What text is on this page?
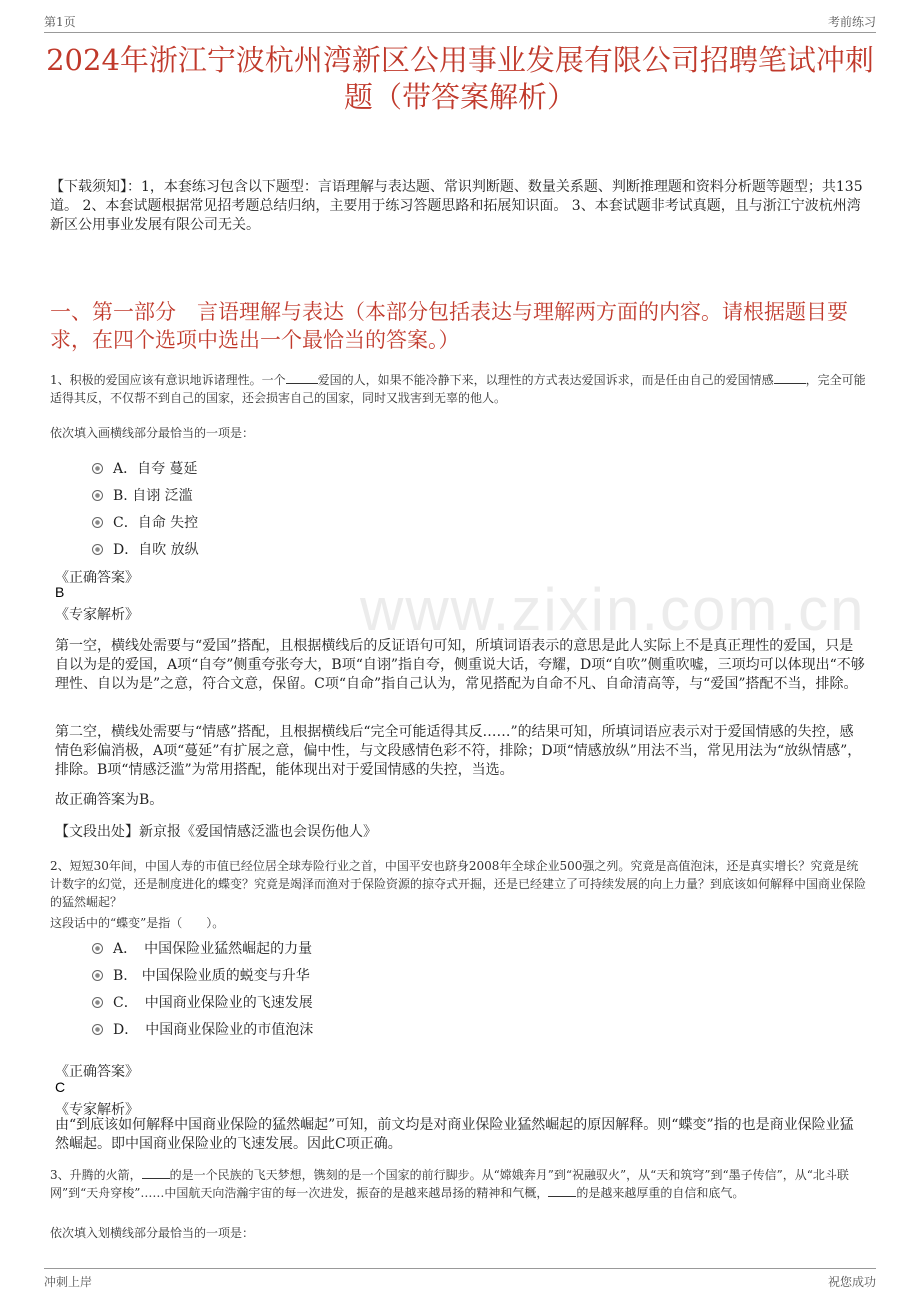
第1页	考前练习
2024年浙江宁波杭州湾新区公用事业发展有限公司招聘笔试冲刺题（带答案解析）
【下载须知】：1，本套练习包含以下题型：言语理解与表达题、常识判断题、数量关系题、判断推理题和资料分析题等题型；共135道。 2、本套试题根据常见招考题总结归纳，主要用于练习答题思路和拓展知识面。 3、本套试题非考试真题，且与浙江宁波杭州湾新区公用事业发展有限公司无关。
一、第一部分　言语理解与表达（本部分包括表达与理解两方面的内容。请根据题目要求，在四个选项中选出一个最恰当的答案。）
www.zixin.com.cn
1、积极的爱国应该有意识地诉诸理性。一个	爱国的人，如果不能冷静下来，以理性的方式表达爱国诉求，而是任由自己的爱国情感	，完全可能适得其反，不仅帮不到自己的国家，还会损害自己的国家，同时又戕害到无辜的他人。
依次填入画横线部分最恰当的一项是：
A．自夸 蔓延
B. 自诩 泛滥
C．自命 失控
D．自吹 放纵
《正确答案》
B
《专家解析》
第一空，横线处需要与“爱国”搭配，且根据横线后的反证语句可知，所填词语表示的意思是此人实际上不是真正理性的爱国，只是自以为是的爱国，A项“自夸”侧重夸张夸大，B项“自诩”指自夸，侧重说大话，夸耀，D项“自吹”侧重吹嘘，三项均可以体现出“不够理性、自以为是”之意，符合文意，保留。C项“自命”指自己认为，常见搭配为自命不凡、自命清高等，与“爱国”搭配不当，排除。
第二空，横线处需要与“情感”搭配，且根据横线后“完全可能适得其反……”的结果可知，所填词语应表示对于爱国情感的失控，感情色彩偏消极，A项“蔓延”有扩展之意，偏中性，与文段感情色彩不符，排除；D项“情感放纵”用法不当，常见用法为“放纵情感”，排除。B项“情感泛滥”为常用搭配，能体现出对于爱国情感的失控，当选。
故正确答案为B。
【文段出处】新京报《爱国情感泛滥也会误伤他人》
2、短短30年间，中国人寿的市值已经位居全球寿险行业之首，中国平安也跻身2008年全球企业500强之列。究竟是高值泡沫，还是真实增长？究竟是统计数字的幻觉，还是制度进化的蝶变？究竟是竭泽而渔对于保险资源的掠夺式开掘，还是已经建立了可持续发展的向上力量？到底该如何解释中国商业保险的猛然崛起？
这段话中的“蝶变”是指（　　）。
A．　中国保险业猛然崛起的力量
B.　中国保险业质的蜕变与升华
C．　中国商业保险业的飞速发展
D．　中国商业保险业的市值泡沫
《正确答案》
C
《专家解析》
由“到底该如何解释中国商业保险的猛然崛起”可知，前文均是对商业保险业猛然崛起的原因解释。则“蝶变”指的也是商业保险业猛然崛起。即中国商业保险业的飞速发展。因此C项正确。
3、升腾的火箭， 的是一个民族的飞天梦想，镌刻的是一个国家的前行脚步。从“嫦娥奔月”到“祝融驭火”，从“天和筑穹”到“墨子传信”，从“北斗联网”到“天舟穿梭”……中国航天向浩瀚宇宙的每一次进发，振奋的是越来越昂扬的精神和气概， 的是越来越厚重的自信和底气。
依次填入划横线部分最恰当的一项是：
冲刺上岸	祝您成功
